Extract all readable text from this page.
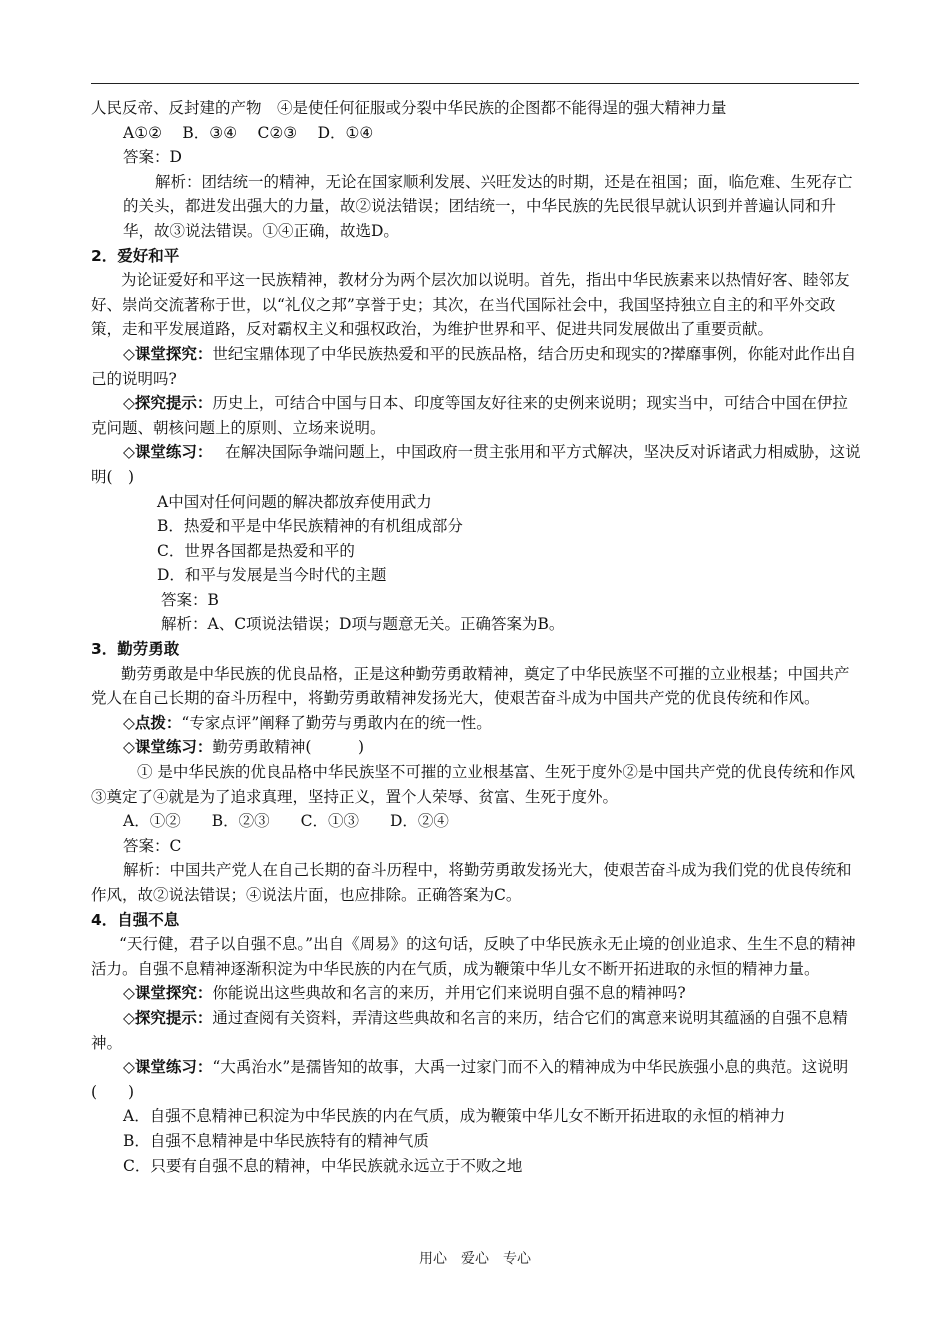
人民反帝、反封建的产物　④是使任何征服或分裂中华民族的企图都不能得逞的强大精神力量

A①②　 B．③④　 C②③　 D．①④

答案：D

解析：团结统一的精神，无论在国家顺利发展、兴旺发达的时期，还是在祖国；面，临危难、生死存亡的关头，都进发出强大的力量，故②说法错误；团结统一，中华民族的先民很早就认识到并普遍认同和升华，故③说法错误。①④正确，故选D。

2．爱好和平

为论证爱好和平这一民族精神，教材分为两个层次加以说明。首先，指出中华民族素来以热情好客、睦邻友好、崇尚交流著称于世，以“礼仪之邦”享誉于史；其次，在当代国际社会中，我国坚持独立自主的和平外交政策，走和平发展道路，反对霸权主义和强权政治，为维护世界和平、促进共同发展做出了重要贡献。

◇课堂探究：世纪宝鼎体现了中华民族热爱和平的民族品格，结合历史和现实的?撵靡事例，你能对此作出自己的说明吗?

◇探究提示：历史上，可结合中国与日本、印度等国友好往来的史例来说明；现实当中，可结合中国在伊拉克问题、朝核问题上的原则、立场来说明。

◇课堂练习：　 在解决国际争端问题上，中国政府一贯主张用和平方式解决，坚决反对诉诸武力相威胁，这说明(　)

A中国对任何问题的解决都放弃使用武力

B．热爱和平是中华民族精神的有机组成部分

C．世界各国都是热爱和平的

D．和平与发展是当今时代的主题

答案：B

解析：A、C项说法错误；D项与题意无关。正确答案为B。

3．勤劳勇敢

勤劳勇敢是中华民族的优良品格，正是这种勤劳勇敢精神，奠定了中华民族坚不可摧的立业根基；中国共产党人在自己长期的奋斗历程中，将勤劳勇敢精神发扬光大，使艰苦奋斗成为中国共产党的优良传统和作风。

◇点拨：“专家点评”阐释了勤劳与勇敢内在的统一性。

◇课堂练习：勤劳勇敢精神(　　　)

① 是中华民族的优良品格中华民族坚不可摧的立业根基富、生死于度外②是中国共产党的优良传统和作风③奠定了④就是为了追求真理，坚持正义，置个人荣辱、贫富、生死于度外。

A．①②　　B．②③　　C．①③　　D．②④

答案：C

解析：中国共产党人在自己长期的奋斗历程中，将勤劳勇敢发扬光大，使艰苦奋斗成为我们党的优良传统和作风，故②说法错误；④说法片面，也应排除。正确答案为C。

4．自强不息

“天行健，君子以自强不息。”出自《周易》的这句话，反映了中华民族永无止境的创业追求、生生不息的精神活力。自强不息精神逐渐积淀为中华民族的内在气质，成为鞭策中华儿女不断开拓进取的永恒的精神力量。

◇课堂探究：你能说出这些典故和名言的来历，并用它们来说明自强不息的精神吗?

◇探究提示：通过查阅有关资料，弄清这些典故和名言的来历，结合它们的寓意来说明其蕴涵的自强不息精神。

◇课堂练习：“大禹治水”是孺皆知的故事，大禹一过家门而不入的精神成为中华民族强小息的典范。这说明(　　)

A．自强不息精神已积淀为中华民族的内在气质，成为鞭策中华儿女不断开拓进取的永恒的梢神力

B．自强不息精神是中华民族特有的精神气质

C．只要有自强不息的精神，中华民族就永远立于不败之地

用心　爱心　专心
